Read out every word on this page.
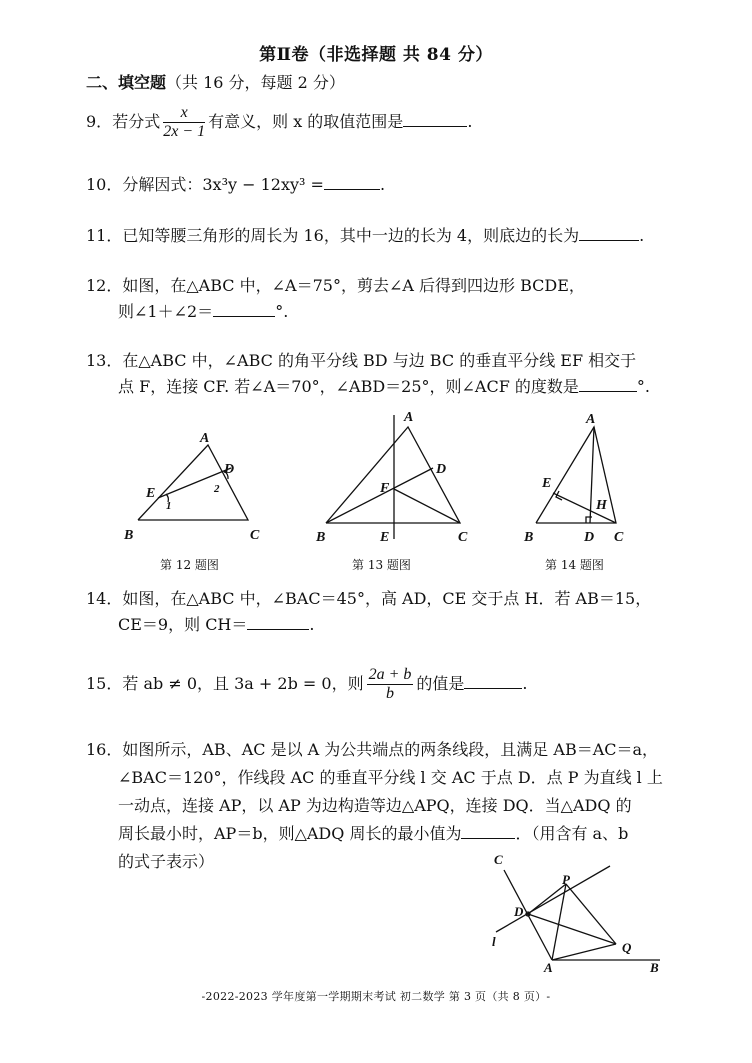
第Ⅱ卷（非选择题 共 84 分）
二、填空题（共 16 分，每题 2 分）
9．若分式 $\frac{x}{2x - 1}$ 有意义，则 x 的取值范围是	.
10．分解因式：3x³y − 12xy³ =	.
11．已知等腰三角形的周长为 16，其中一边的长为 4，则底边的长为	.
12．如图，在△ABC 中，∠A＝75°，剪去∠A 后得到四边形 BCDE，
则∠1＋∠2＝	°.
13．在△ABC 中，∠ABC 的角平分线 BD 与边 BC 的垂直平分线 EF 相交于
点 F，连接 CF. 若∠A＝70°，∠ABD＝25°，则∠ACF 的度数是	°.
A
D
E	2
1
B	C
A
D
F
B	E	C
A
E
H
B	D C
第 12 题图	第 13 题图	第 14 题图
14．如图，在△ABC 中，∠BAC＝45°，高 AD，CE 交于点 H．若 AB＝15，
CE＝9，则 CH＝	.
15．若 ab ≠ 0，且 3a + 2b = 0，则 $\frac{2a + b}{b}$ 的值是	.
16．如图所示，AB、AC 是以 A 为公共端点的两条线段，且满足 AB＝AC＝a，
∠BAC＝120°，作线段 AC 的垂直平分线 l 交 AC 于点 D．点 P 为直线 l 上
一动点，连接 AP，以 AP 为边构造等边△APQ，连接 DQ．当△ADQ 的
周长最小时，AP＝b，则△ADQ 周长的最小值为	．（用含有 a、b
的式子表示）	C
P
D
l	Q
A	B
-2022-2023 学年度第一学期期末考试 初二数学 第 3 页（共 8 页）-
